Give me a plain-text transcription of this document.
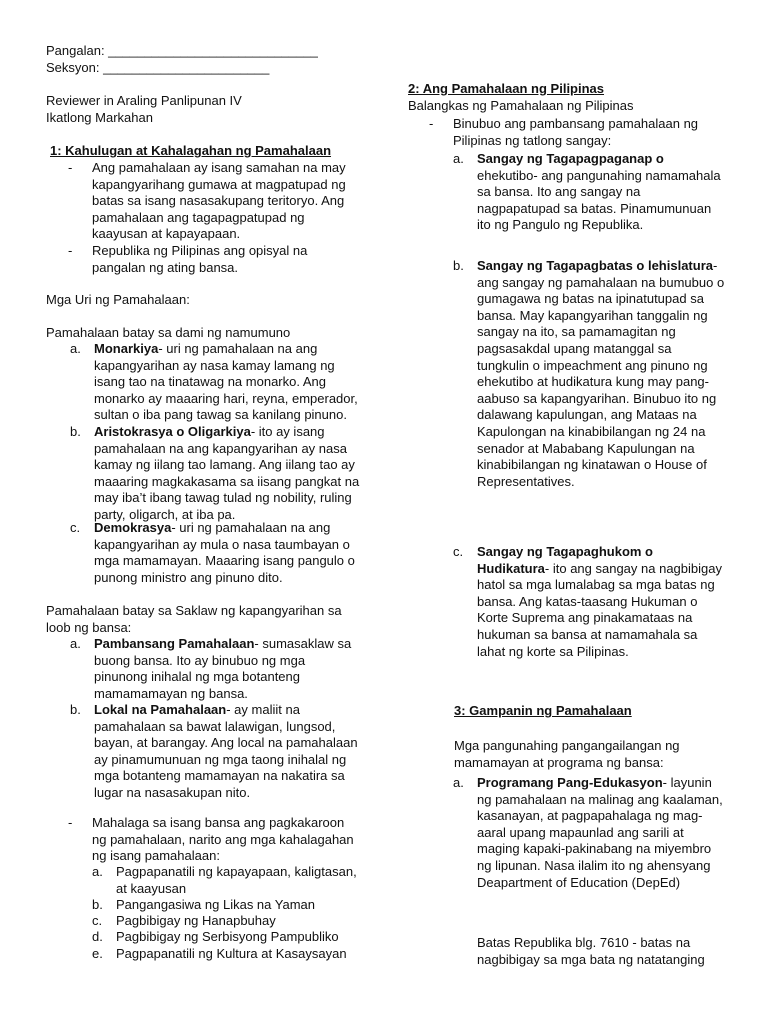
Pangalan: _____________________________
Seksyon: _______________________
Reviewer in Araling Panlipunan IV
Ikatlong Markahan
1: Kahulugan at Kahalagahan ng Pamahalaan
- Ang pamahalaan ay isang samahan na may kapangyarihang gumawa at magpatupad ng batas sa isang nasasakupang teritoryo. Ang pamahalaan ang tagapagpatupad ng kaayusan at kapayapaan.
- Republika ng Pilipinas ang opisyal na pangalan ng ating bansa.
Mga Uri ng Pamahalaan:
Pamahalaan batay sa dami ng namumuno
a. Monarkiya- uri ng pamahalaan na ang kapangyarihan ay nasa kamay lamang ng isang tao na tinatawag na monarko. Ang monarko ay maaaring hari, reyna, emperador, sultan o iba pang tawag sa kanilang pinuno.
b. Aristokrasya o Oligarkiya- ito ay isang pamahalaan na ang kapangyarihan ay nasa kamay ng iilang tao lamang. Ang iilang tao ay maaaring magkakasama sa iisang pangkat na may iba’t ibang tawag tulad ng nobility, ruling party, oligarch, at iba pa.
c. Demokrasya- uri ng pamahalaan na ang kapangyarihan ay mula o nasa taumbayan o mga mamamayan. Maaaring isang pangulo o punong ministro ang pinuno dito.
Pamahalaan batay sa Saklaw ng kapangyarihan sa loob ng bansa:
a. Pambansang Pamahalaan- sumasaklaw sa buong bansa. Ito ay binubuo ng mga pinunong inihalal ng mga botanteng mamamamayan ng bansa.
b. Lokal na Pamahalaan- ay maliit na pamahalaan sa bawat lalawigan, lungsod, bayan, at barangay. Ang local na pamahalaan ay pinamumunuan ng mga taong inihalal ng mga botanteng mamamayan na nakatira sa lugar na nasasakupan nito.
- Mahalaga sa isang bansa ang pagkakaroon ng pamahalaan, narito ang mga kahalagahan ng isang pamahalaan:
a. Pagpapanatili ng kapayapaan, kaligtasan, at kaayusan
b. Pangangasiwa ng Likas na Yaman
c. Pagbibigay ng Hanapbuhay
d. Pagbibigay ng Serbisyong Pampubliko
e. Pagpapanatili ng Kultura at Kasaysayan
2: Ang Pamahalaan ng Pilipinas
Balangkas ng Pamahalaan ng Pilipinas
- Binubuo ang pambansang pamahalaan ng Pilipinas ng tatlong sangay:
a. Sangay ng Tagapagpaganap o ehekutibo- ang pangunahing namamahala sa bansa. Ito ang sangay na nagpapatupad sa batas. Pinamumunuan ito ng Pangulo ng Republika.
b. Sangay ng Tagapagbatas o lehislatura- ang sangay ng pamahalaan na bumubuo o gumagawa ng batas na ipinatutupad sa bansa. May kapangyarihan tanggalin ng sangay na ito, sa pamamagitan ng pagsasakdal upang matanggal sa tungkulin o impeachment ang pinuno ng ehekutibo at hudikatura kung may pang-aabuso sa kapangyarihan. Binubuo ito ng dalawang kapulungan, ang Mataas na Kapulongan na kinabibilangan ng 24 na senador at Mababang Kapulungan na kinabibilangan ng kinatawan o House of Representatives.
c. Sangay ng Tagapaghukom o Hudikatura- ito ang sangay na nagbibigay hatol sa mga lumalabag sa mga batas ng bansa. Ang katas-taasang Hukuman o Korte Suprema ang pinakamataas na hukuman sa bansa at namamahala sa lahat ng korte sa Pilipinas.
3: Gampanin ng Pamahalaan
Mga pangunahing pangangailangan ng mamamayan at programa ng bansa:
a. Programang Pang-Edukasyon- layunin ng pamahalaan na malinag ang kaalaman, kasanayan, at pagpapahalaga ng mag-aaral upang mapaunlad ang sarili at maging kapaki-pakinabang na miyembro ng lipunan. Nasa ilalim ito ng ahensyang Deapartment of Education (DepEd)
Batas Republika blg. 7610 - batas na nagbibigay sa mga bata ng natatanging
